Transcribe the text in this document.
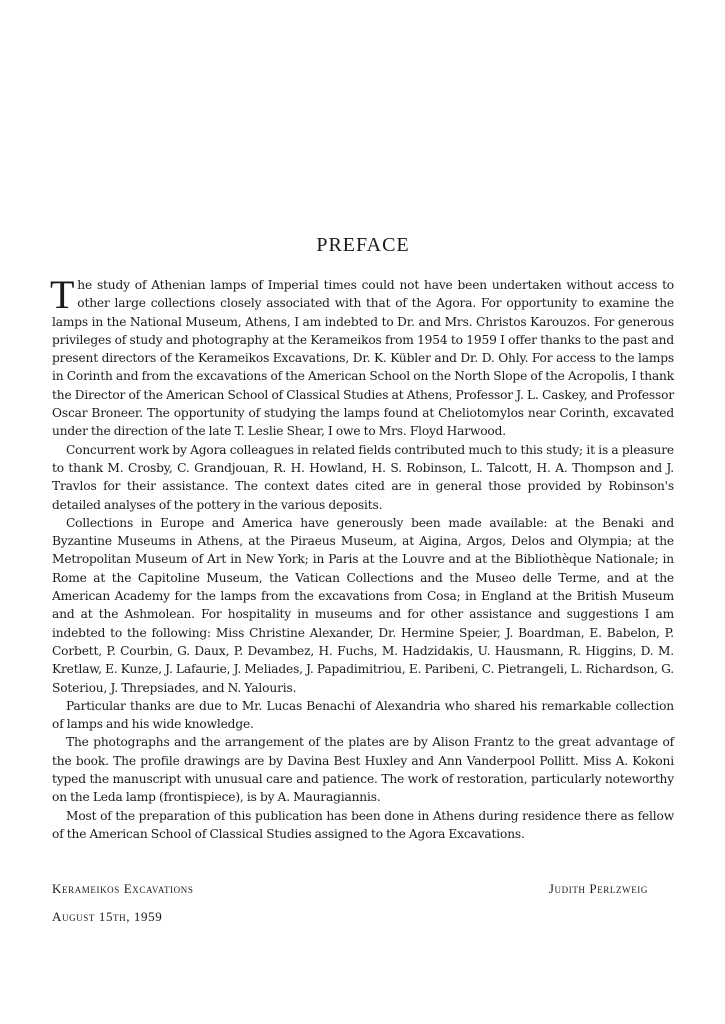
PREFACE

The study of Athenian lamps of Imperial times could not have been undertaken without access to other large collections closely associated with that of the Agora. For opportunity to examine the lamps in the National Museum, Athens, I am indebted to Dr. and Mrs. Christos Karouzos. For generous privileges of study and photography at the Kerameikos from 1954 to 1959 I offer thanks to the past and present directors of the Kerameikos Excavations, Dr. K. Kübler and Dr. D. Ohly. For access to the lamps in Corinth and from the excavations of the American School on the North Slope of the Acropolis, I thank the Director of the American School of Classical Studies at Athens, Professor J. L. Caskey, and Professor Oscar Broneer. The opportunity of studying the lamps found at Cheliotomylos near Corinth, excavated under the direction of the late T. Leslie Shear, I owe to Mrs. Floyd Harwood.

Concurrent work by Agora colleagues in related fields contributed much to this study; it is a pleasure to thank M. Crosby, C. Grandjouan, R. H. Howland, H. S. Robinson, L. Talcott, H. A. Thompson and J. Travlos for their assistance. The context dates cited are in general those provided by Robinson's detailed analyses of the pottery in the various deposits.

Collections in Europe and America have generously been made available: at the Benaki and Byzantine Museums in Athens, at the Piraeus Museum, at Aigina, Argos, Delos and Olympia; at the Metropolitan Museum of Art in New York; in Paris at the Louvre and at the Bibliothèque Nationale; in Rome at the Capitoline Museum, the Vatican Collections and the Museo delle Terme, and at the American Academy for the lamps from the excavations from Cosa; in England at the British Museum and at the Ashmolean. For hospitality in museums and for other assistance and suggestions I am indebted to the following: Miss Christine Alexander, Dr. Hermine Speier, J. Boardman, E. Babelon, P. Corbett, P. Courbin, G. Daux, P. Devambez, H. Fuchs, M. Hadzidakis, U. Hausmann, R. Higgins, D. M. Kretlaw, E. Kunze, J. Lafaurie, J. Meliades, J. Papadimitriou, E. Paribeni, C. Pietrangeli, L. Richardson, G. Soteriou, J. Threpsiades, and N. Yalouris.

Particular thanks are due to Mr. Lucas Benachi of Alexandria who shared his remarkable collection of lamps and his wide knowledge.

The photographs and the arrangement of the plates are by Alison Frantz to the great advantage of the book. The profile drawings are by Davina Best Huxley and Ann Vanderpool Pollitt. Miss A. Kokoni typed the manuscript with unusual care and patience. The work of restoration, particularly noteworthy on the Leda lamp (frontispiece), is by A. Mauragiannis.

Most of the preparation of this publication has been done in Athens during residence there as fellow of the American School of Classical Studies assigned to the Agora Excavations.

Kerameikos Excavations	Judith Perlzweig
August 15th, 1959
